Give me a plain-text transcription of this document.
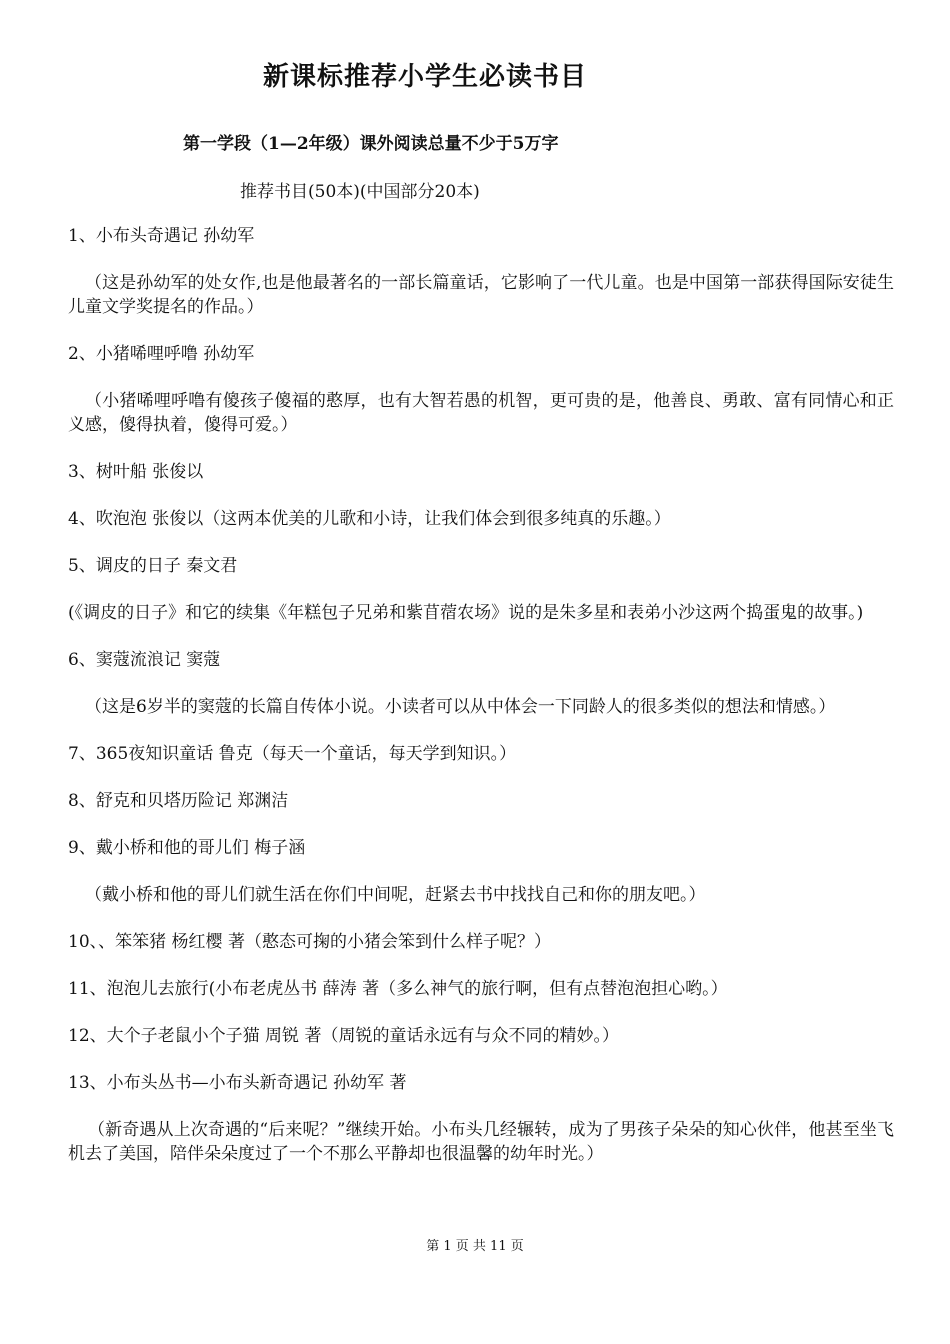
新课标推荐小学生必读书目

第一学段（1—2年级）课外阅读总量不少于5万字

推荐书目(50本)(中国部分20本)

1、小布头奇遇记 孙幼军

（这是孙幼军的处女作,也是他最著名的一部长篇童话，它影响了一代儿童。也是中国第一部获得国际安徒生儿童文学奖提名的作品。）

2、小猪唏哩呼噜 孙幼军

（小猪唏哩呼噜有傻孩子傻福的憨厚，也有大智若愚的机智，更可贵的是，他善良、勇敢、富有同情心和正义感，傻得执着，傻得可爱。）

3、树叶船 张俊以

4、吹泡泡 张俊以（这两本优美的儿歌和小诗，让我们体会到很多纯真的乐趣。）

5、调皮的日子 秦文君

(《调皮的日子》和它的续集《年糕包子兄弟和紫苜蓿农场》说的是朱多星和表弟小沙这两个捣蛋鬼的故事。)

6、窦蔻流浪记 窦蔻

（这是6岁半的窦蔻的长篇自传体小说。小读者可以从中体会一下同龄人的很多类似的想法和情感。）

7、365夜知识童话 鲁克（每天一个童话，每天学到知识。）

8、舒克和贝塔历险记 郑渊洁

9、戴小桥和他的哥儿们 梅子涵

（戴小桥和他的哥儿们就生活在你们中间呢，赶紧去书中找找自己和你的朋友吧。）

10、、笨笨猪 杨红樱 著（憨态可掬的小猪会笨到什么样子呢？）

11、泡泡儿去旅行(小布老虎丛书 薛涛 著（多么神气的旅行啊，但有点替泡泡担心哟。）

12、大个子老鼠小个子猫 周锐 著（周锐的童话永远有与众不同的精妙。）

13、小布头丛书—小布头新奇遇记 孙幼军 著

（新奇遇从上次奇遇的“后来呢？”继续开始。小布头几经辗转，成为了男孩子朵朵的知心伙伴，他甚至坐飞机去了美国，陪伴朵朵度过了一个不那么平静却也很温馨的幼年时光。）

第 1 页 共 11 页
